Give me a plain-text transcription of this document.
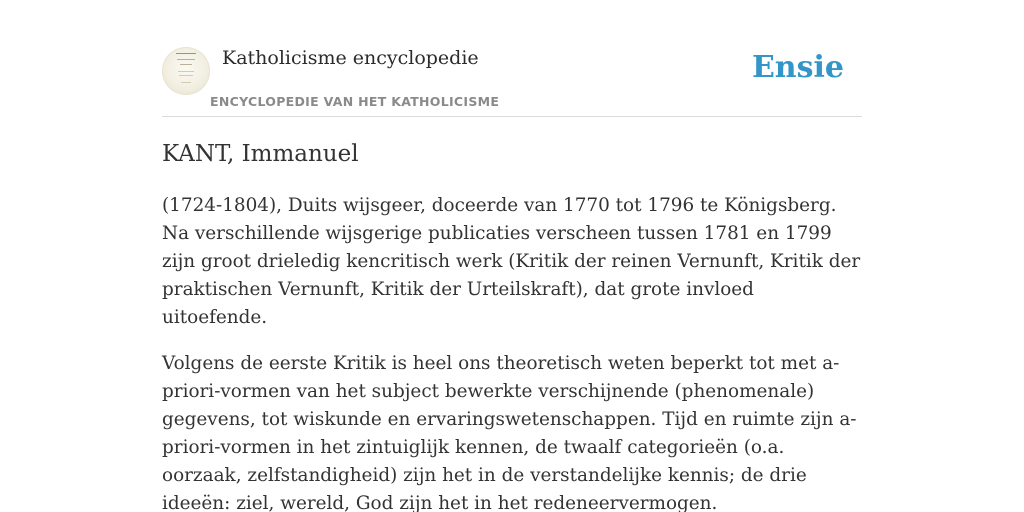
Katholicisme encyclopedie
ENCYCLOPEDIE VAN HET KATHOLICISME
Ensie
KANT, Immanuel

(1724-1804), Duits wijsgeer, doceerde van 1770 tot 1796 te Königsberg. Na verschillende wijsgerige publicaties verscheen tussen 1781 en 1799 zijn groot drieledig kencritisch werk (Kritik der reinen Vernunft, Kritik der praktischen Vernunft, Kritik der Urteilskraft), dat grote invloed uitoefende.

Volgens de eerste Kritik is heel ons theoretisch weten beperkt tot met a-priori-vormen van het subject bewerkte verschijnende (phenomenale) gegevens, tot wiskunde en ervaringswetenschappen. Tijd en ruimte zijn a-priori-vormen in het zintuiglijk kennen, de twaalf categorieën (o.a. oorzaak, zelfstandigheid) zijn het in de verstandelijke kennis; de drie ideeën: ziel, wereld, God zijn het in het redeneervermogen.
